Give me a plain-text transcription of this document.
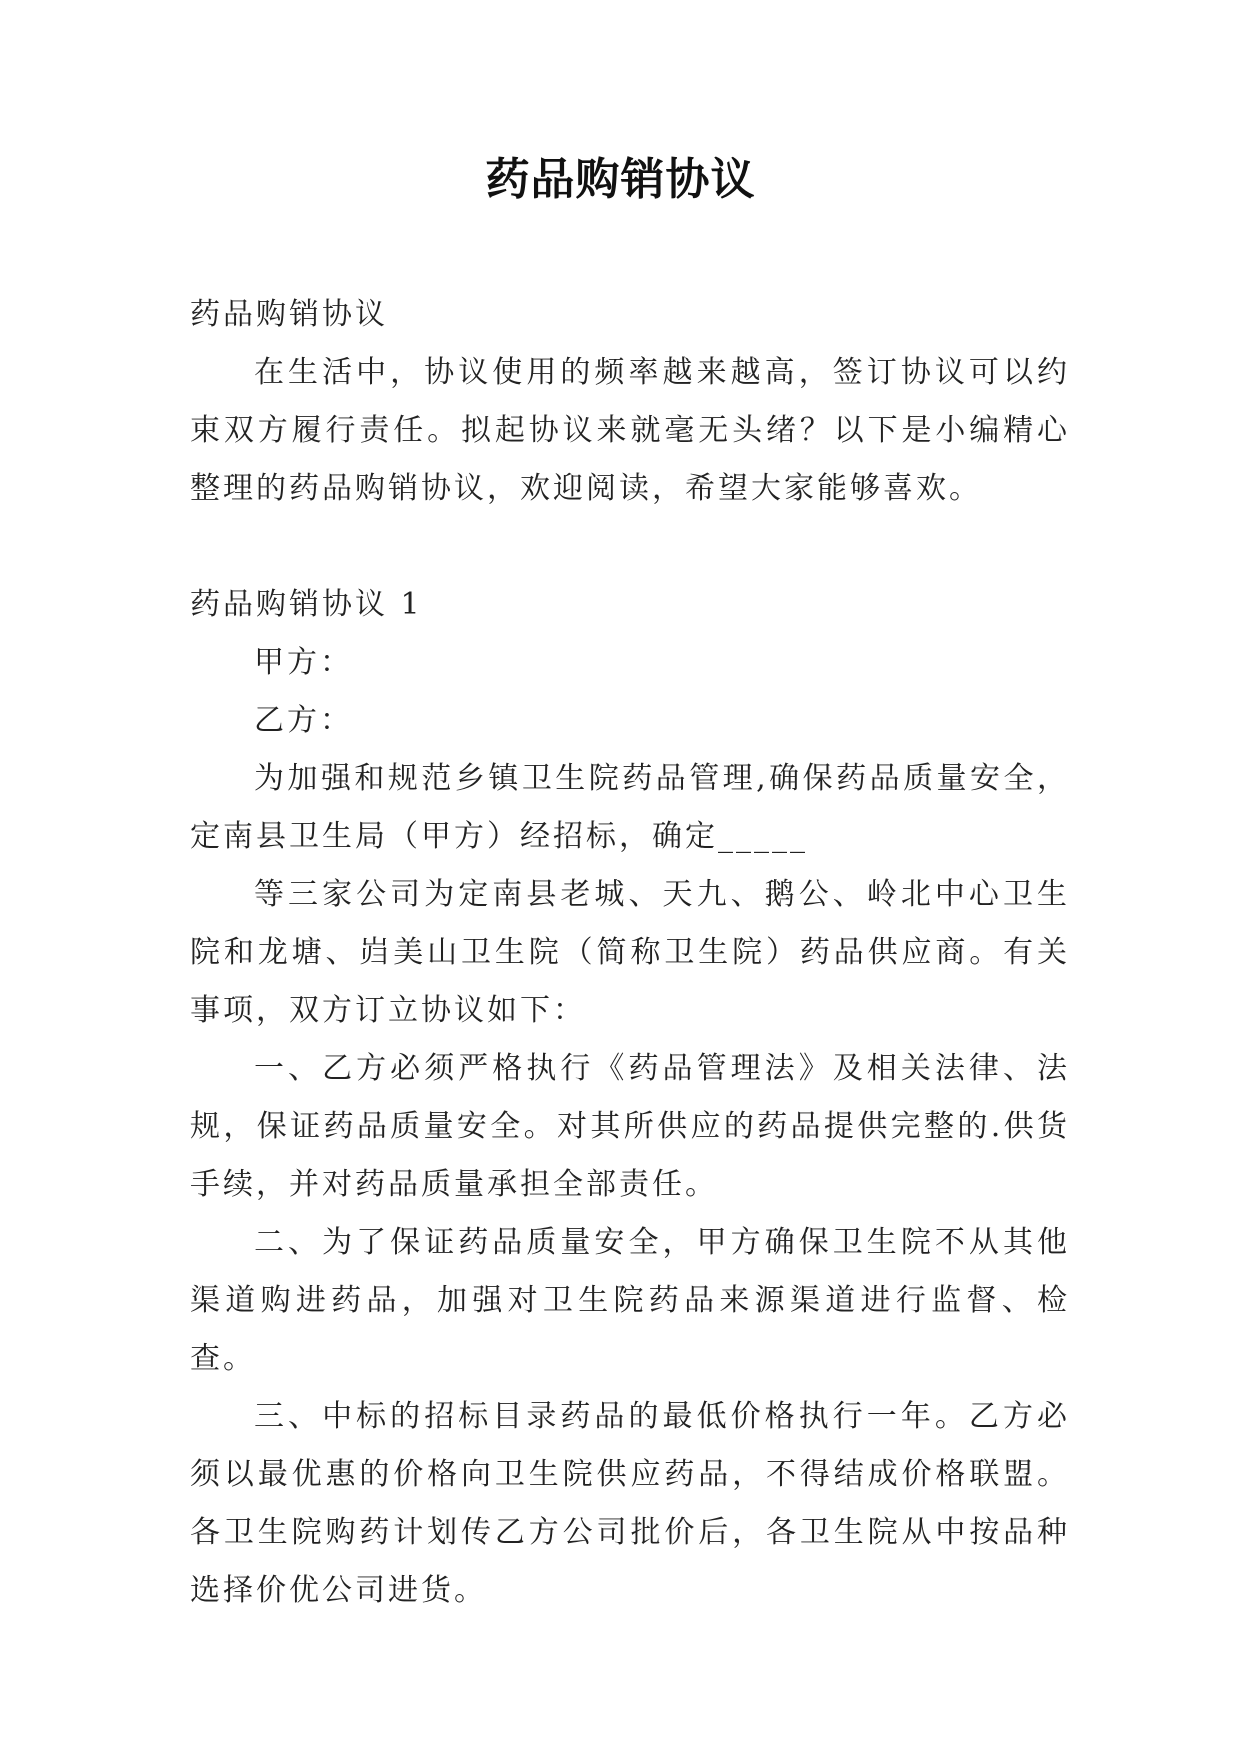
药品购销协议

药品购销协议

在生活中，协议使用的频率越来越高，签订协议可以约束双方履行责任。拟起协议来就毫无头绪？以下是小编精心整理的药品购销协议，欢迎阅读，希望大家能够喜欢。

药品购销协议 1

甲方：

乙方：

为加强和规范乡镇卫生院药品管理,确保药品质量安全，定南县卫生局（甲方）经招标，确定_____

等三家公司为定南县老城、天九、鹅公、岭北中心卫生院和龙塘、岿美山卫生院（简称卫生院）药品供应商。有关事项，双方订立协议如下：

一、乙方必须严格执行《药品管理法》及相关法律、法规，保证药品质量安全。对其所供应的药品提供完整的.供货手续，并对药品质量承担全部责任。

二、为了保证药品质量安全，甲方确保卫生院不从其他渠道购进药品，加强对卫生院药品来源渠道进行监督、检查。

三、中标的招标目录药品的最低价格执行一年。乙方必须以最优惠的价格向卫生院供应药品，不得结成价格联盟。各卫生院购药计划传乙方公司批价后，各卫生院从中按品种选择价优公司进货。
